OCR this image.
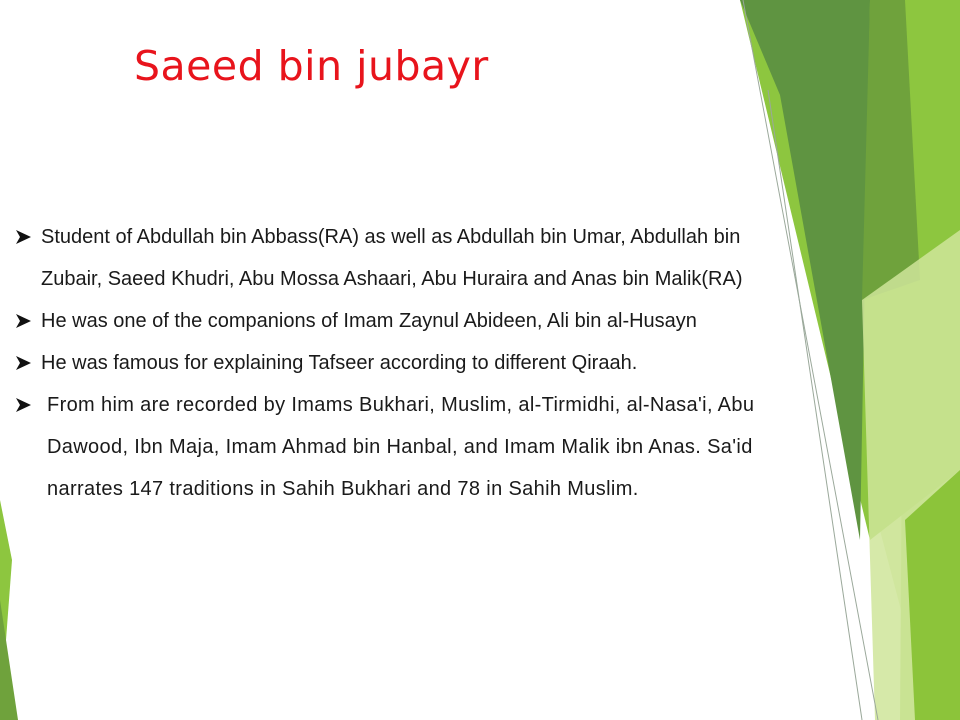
Saeed bin jubayr
Student of Abdullah bin Abbass(RA) as well as Abdullah bin Umar, Abdullah bin Zubair, Saeed Khudri, Abu Mossa Ashaari, Abu Huraira and Anas bin Malik(RA)
He was one of the companions of Imam Zaynul Abideen, Ali bin al-Husayn
He was famous for explaining Tafseer according to different Qiraah.
From him are recorded by Imams Bukhari, Muslim, al-Tirmidhi, al-Nasa'i, Abu Dawood, Ibn Maja, Imam Ahmad bin Hanbal, and Imam Malik ibn Anas. Sa'id narrates 147 traditions in Sahih Bukhari and 78 in Sahih Muslim.
